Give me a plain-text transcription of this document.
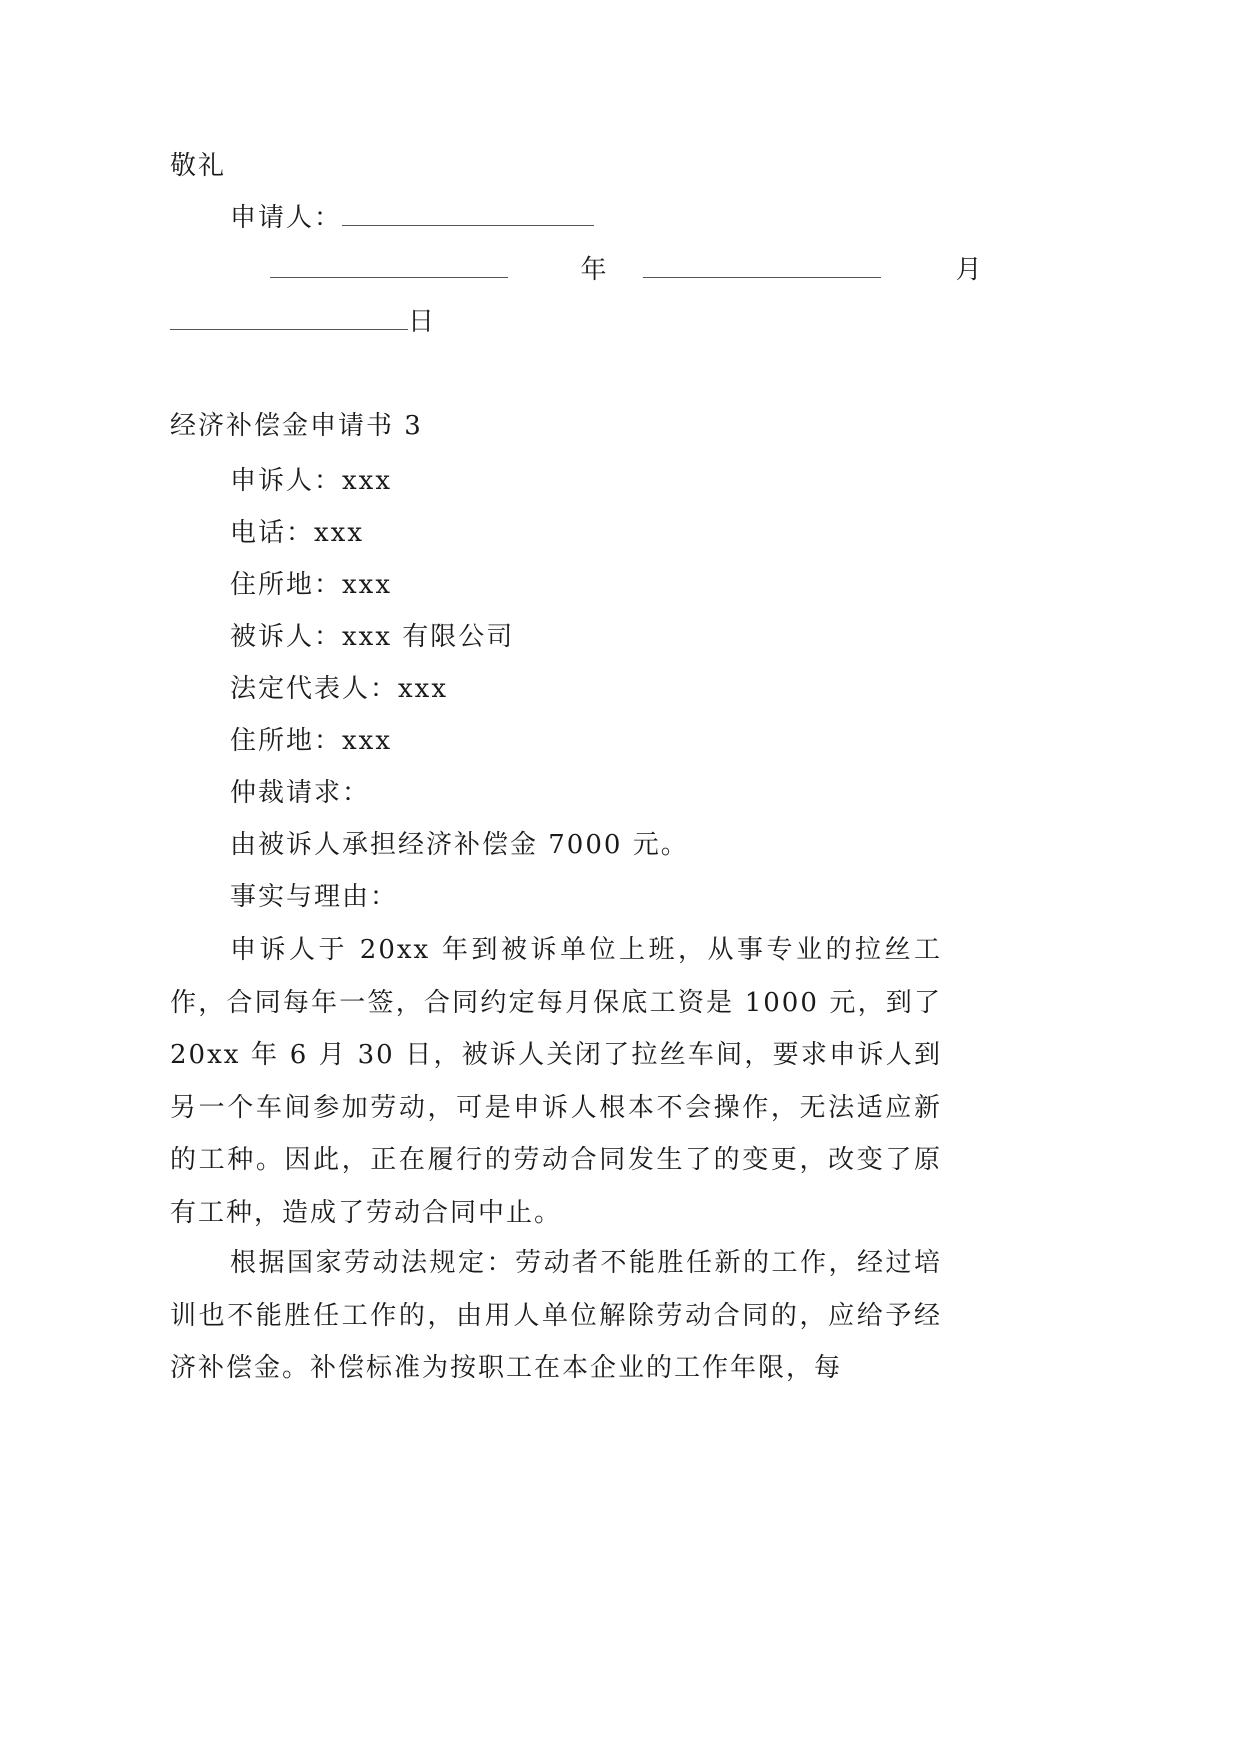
敬礼
申请人：
年	月
日
经济补偿金申请书 3
申诉人：xxx
电话：xxx
住所地：xxx
被诉人：xxx 有限公司
法定代表人：xxx
住所地：xxx
仲裁请求：
由被诉人承担经济补偿金 7000 元。
事实与理由：
申诉人于 20xx 年到被诉单位上班，从事专业的拉丝工作，合同每年一签，合同约定每月保底工资是 1000 元，到了 20xx 年 6 月 30 日，被诉人关闭了拉丝车间，要求申诉人到另一个车间参加劳动，可是申诉人根本不会操作，无法适应新的工种。因此，正在履行的劳动合同发生了的变更，改变了原有工种，造成了劳动合同中止。
根据国家劳动法规定：劳动者不能胜任新的工作，经过培训也不能胜任工作的，由用人单位解除劳动合同的，应给予经济补偿金。补偿标准为按职工在本企业的工作年限，每
